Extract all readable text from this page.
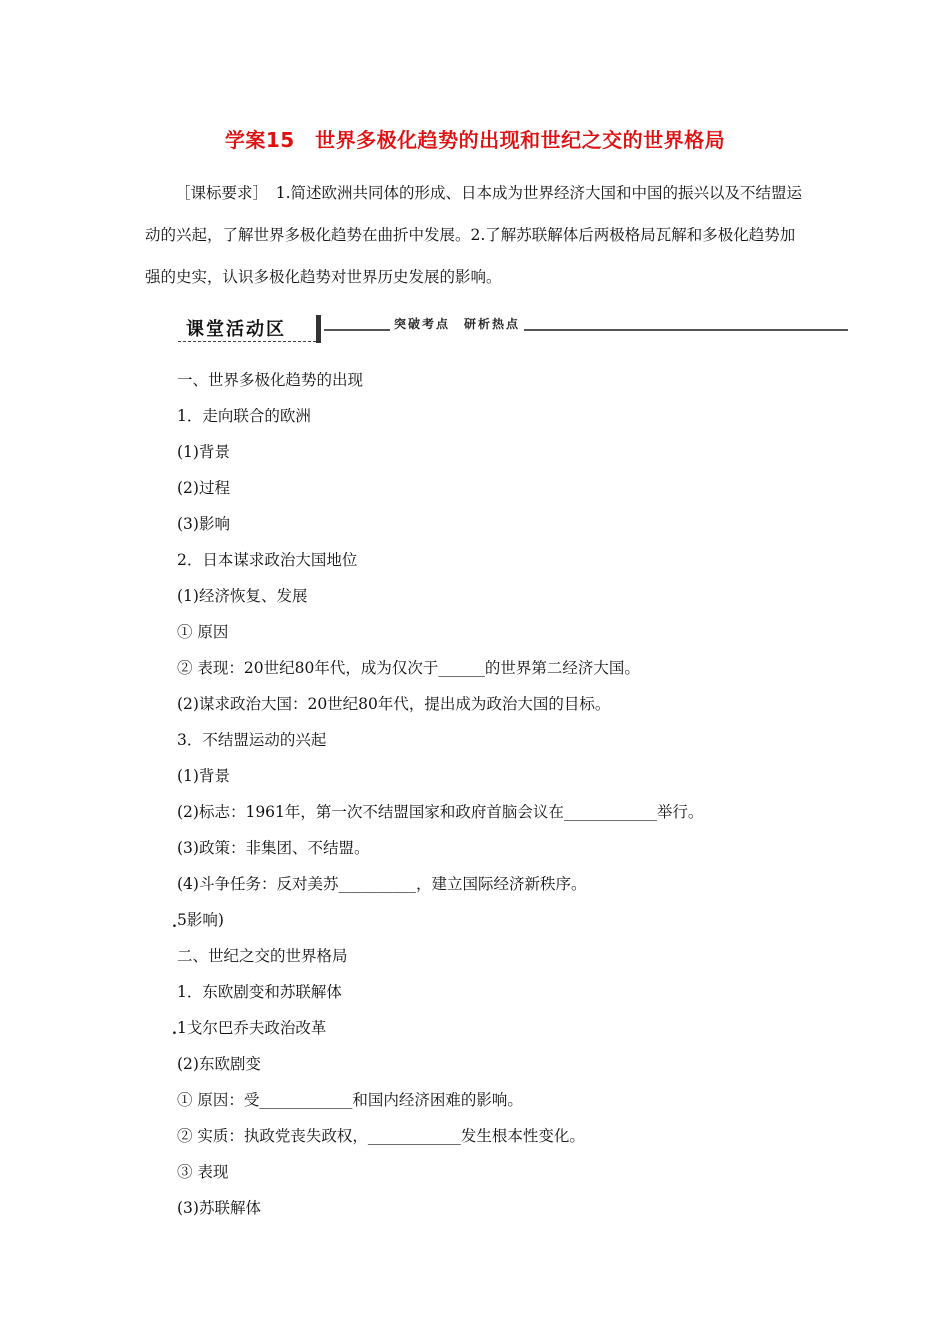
学案15　世界多极化趋势的出现和世纪之交的世界格局
［课标要求］　1.简述欧洲共同体的形成、日本成为世界经济大国和中国的振兴以及不结盟运动的兴起，了解世界多极化趋势在曲折中发展。2.了解苏联解体后两极格局瓦解和多极化趋势加强的史实，认识多极化趋势对世界历史发展的影响。
课堂活动区	突破考点　研析热点
.
.
一、世界多极化趋势的出现
1．走向联合的欧洲
(1)背景
(2)过程
(3)影响
2．日本谋求政治大国地位
(1)经济恢复、发展
① 原因
② 表现：20世纪80年代，成为仅次于______的世界第二经济大国。
(2)谋求政治大国：20世纪80年代，提出成为政治大国的目标。
3．不结盟运动的兴起
(1)背景
(2)标志：1961年，第一次不结盟国家和政府首脑会议在____________举行。
(3)政策：非集团、不结盟。
(4)斗争任务：反对美苏__________，建立国际经济新秩序。
5影响)
二、世纪之交的世界格局
1．东欧剧变和苏联解体
1戈尔巴乔夫政治改革
(2)东欧剧变
① 原因：受____________和国内经济困难的影响。
② 实质：执政党丧失政权，____________发生根本性变化。
③ 表现
(3)苏联解体
